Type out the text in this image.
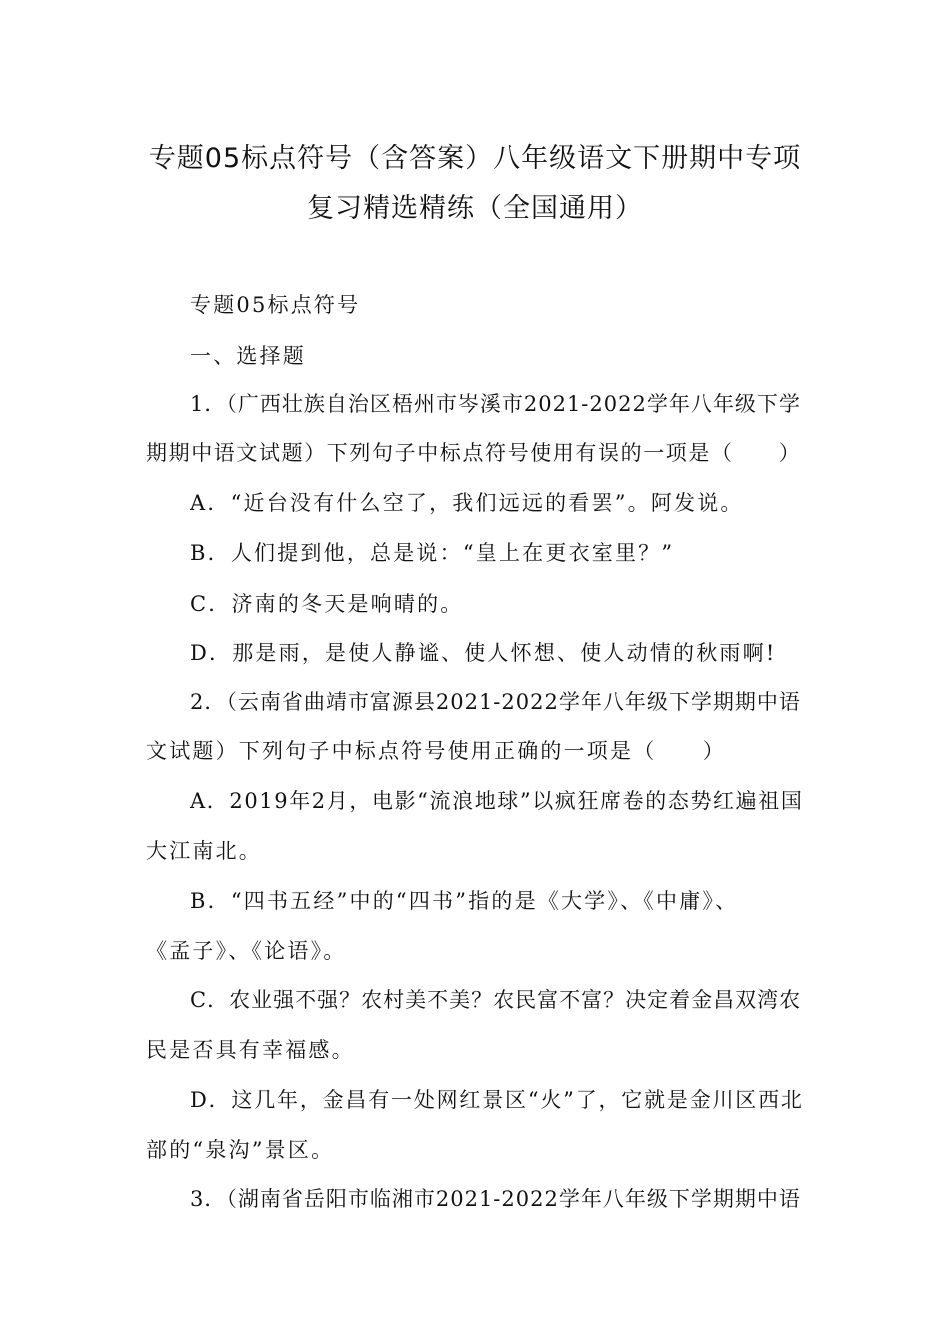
专题05标点符号（含答案）八年级语文下册期中专项
复习精选精练（全国通用）

专题05标点符号

一、选择题

1．（广西壮族自治区梧州市岑溪市2021-2022学年八年级下学

期期中语文试题）下列句子中标点符号使用有误的一项是（　　）

A．“近台没有什么空了，我们远远的看罢”。阿发说。

B．人们提到他，总是说：“皇上在更衣室里？”

C．济南的冬天是响晴的。

D．那是雨，是使人静谧、使人怀想、使人动情的秋雨啊!

2．（云南省曲靖市富源县2021-2022学年八年级下学期期中语

文试题）下列句子中标点符号使用正确的一项是（　　）

A．2019年2月，电影“流浪地球”以疯狂席卷的态势红遍祖国

大江南北。

B．“四书五经”中的“四书”指的是《大学》、《中庸》、

《孟子》、《论语》。

C．农业强不强？农村美不美？农民富不富？决定着金昌双湾农

民是否具有幸福感。

D．这几年，金昌有一处网红景区“火”了，它就是金川区西北

部的“泉沟”景区。

3．（湖南省岳阳市临湘市2021-2022学年八年级下学期期中语
